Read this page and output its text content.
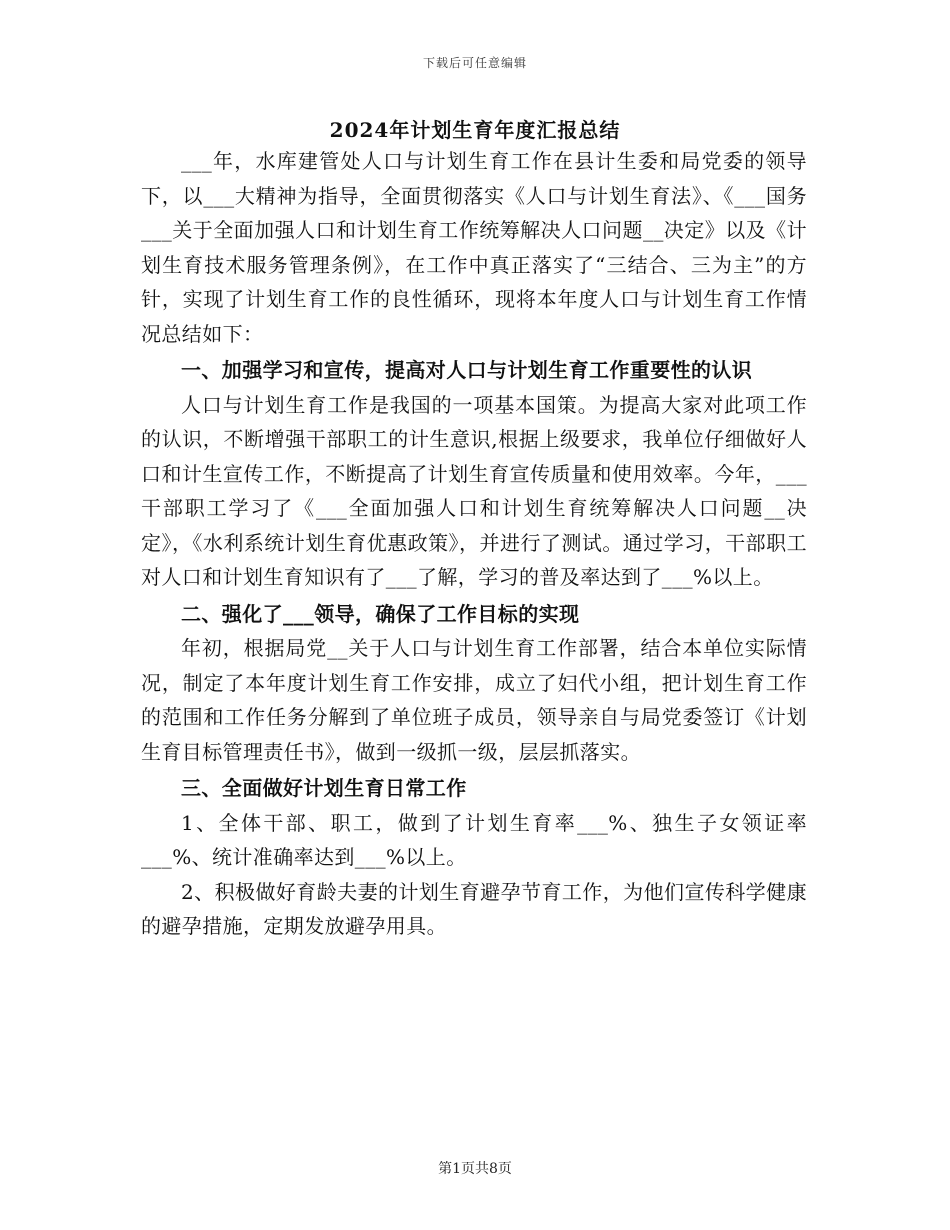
下载后可任意编辑
2024年计划生育年度汇报总结

___年，水库建管处人口与计划生育工作在县计生委和局党委的领导下，以___大精神为指导，全面贯彻落实《人口与计划生育法》、《___国务___关于全面加强人口和计划生育工作统筹解决人口问题__决定》以及《计划生育技术服务管理条例》，在工作中真正落实了“三结合、三为主”的方针，实现了计划生育工作的良性循环，现将本年度人口与计划生育工作情况总结如下：

一、加强学习和宣传，提高对人口与计划生育工作重要性的认识

人口与计划生育工作是我国的一项基本国策。为提高大家对此项工作的认识，不断增强干部职工的计生意识,根据上级要求，我单位仔细做好人口和计生宣传工作，不断提高了计划生育宣传质量和使用效率。今年，___干部职工学习了《___全面加强人口和计划生育统筹解决人口问题__决定》，《水利系统计划生育优惠政策》，并进行了测试。通过学习，干部职工对人口和计划生育知识有了___了解，学习的普及率达到了___%以上。

二、强化了___领导，确保了工作目标的实现

年初，根据局党__关于人口与计划生育工作部署，结合本单位实际情况，制定了本年度计划生育工作安排，成立了妇代小组，把计划生育工作的范围和工作任务分解到了单位班子成员，领导亲自与局党委签订《计划生育目标管理责任书》，做到一级抓一级，层层抓落实。

三、全面做好计划生育日常工作

1、全体干部、职工，做到了计划生育率___%、独生子女领证率___%、统计准确率达到___%以上。

2、积极做好育龄夫妻的计划生育避孕节育工作，为他们宣传科学健康的避孕措施，定期发放避孕用具。

第1页共8页
